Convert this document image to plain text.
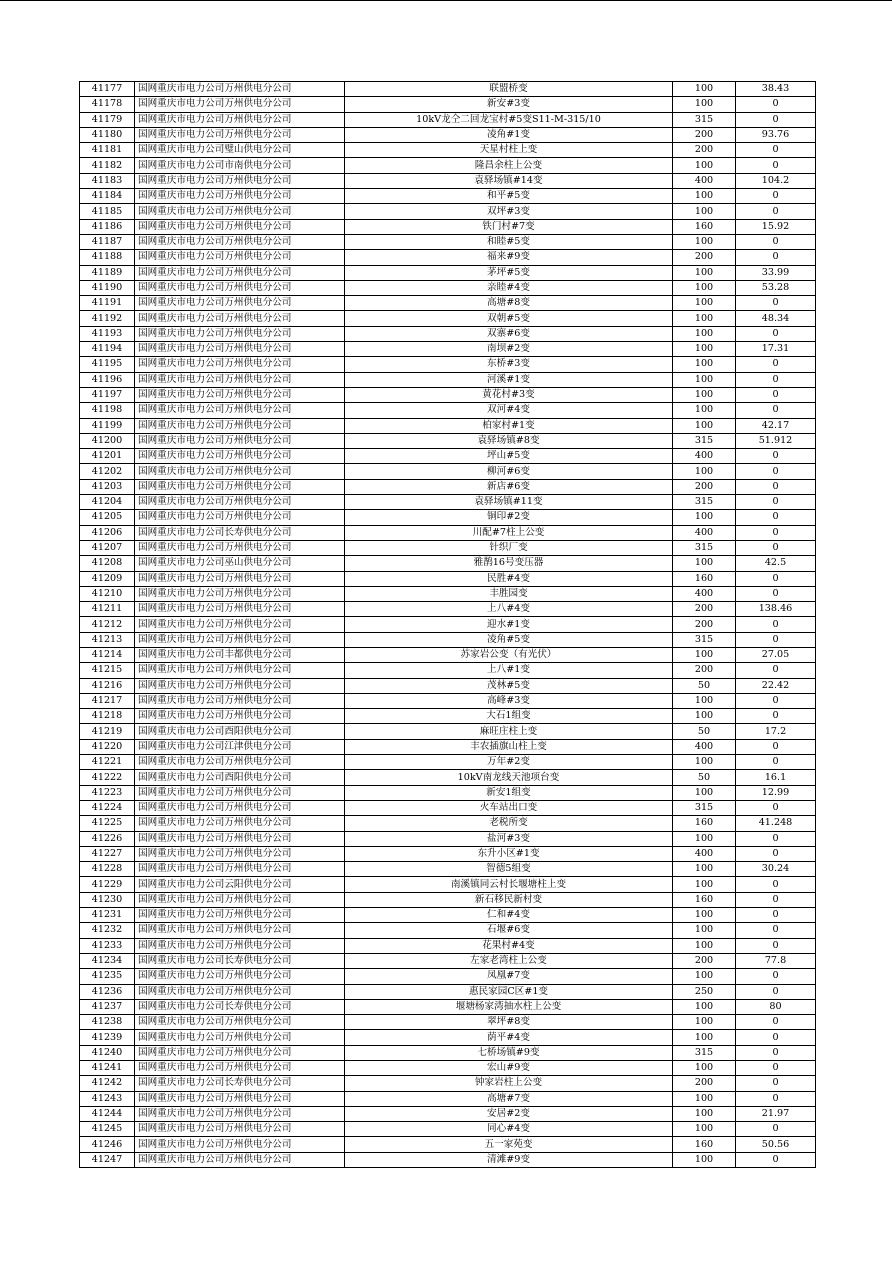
41177	国网重庆市电力公司万州供电分公司	联盟桥变	100	38.43
41178	国网重庆市电力公司万州供电分公司	新安#3变	100	0
41179	国网重庆市电力公司万州供电分公司	10kV龙仝二回龙宝村#5变S11-M-315/10	315	0
41180	国网重庆市电力公司万州供电分公司	凌角#1变	200	93.76
41181	国网重庆市电力公司璧山供电分公司	天星村柱上变	200	0
41182	国网重庆市电力公司市南供电分公司	隆昌余柱上公变	100	0
41183	国网重庆市电力公司万州供电分公司	袁驿场镇#14变	400	104.2
41184	国网重庆市电力公司万州供电分公司	和平#5变	100	0
41185	国网重庆市电力公司万州供电分公司	双坪#3变	100	0
41186	国网重庆市电力公司万州供电分公司	铁门村#7变	160	15.92
41187	国网重庆市电力公司万州供电分公司	和睦#5变	100	0
41188	国网重庆市电力公司万州供电分公司	福来#9变	200	0
41189	国网重庆市电力公司万州供电分公司	茅坪#5变	100	33.99
41190	国网重庆市电力公司万州供电分公司	亲睦#4变	100	53.28
41191	国网重庆市电力公司万州供电分公司	高塘#8变	100	0
41192	国网重庆市电力公司万州供电分公司	双朝#5变	100	48.34
41193	国网重庆市电力公司万州供电分公司	双寨#6变	100	0
41194	国网重庆市电力公司万州供电分公司	南坝#2变	100	17.31
41195	国网重庆市电力公司万州供电分公司	东桥#3变	100	0
41196	国网重庆市电力公司万州供电分公司	河溪#1变	100	0
41197	国网重庆市电力公司万州供电分公司	黄花村#3变	100	0
41198	国网重庆市电力公司万州供电分公司	双河#4变	100	0
41199	国网重庆市电力公司万州供电分公司	柏家村#1变	100	42.17
41200	国网重庆市电力公司万州供电分公司	袁驿场镇#8变	315	51.912
41201	国网重庆市电力公司万州供电分公司	坪山#5变	400	0
41202	国网重庆市电力公司万州供电分公司	柳河#6变	100	0
41203	国网重庆市电力公司万州供电分公司	新店#6变	200	0
41204	国网重庆市电力公司万州供电分公司	袁驿场镇#11变	315	0
41205	国网重庆市电力公司万州供电分公司	铜印#2变	100	0
41206	国网重庆市电力公司长寿供电分公司	川配#7柱上公变	400	0
41207	国网重庆市电力公司万州供电分公司	针织厂变	315	0
41208	国网重庆市电力公司巫山供电分公司	雅鹊16号变压器	100	42.5
41209	国网重庆市电力公司万州供电分公司	民胜#4变	160	0
41210	国网重庆市电力公司万州供电分公司	丰胜园变	400	0
41211	国网重庆市电力公司万州供电分公司	上八#4变	200	138.46
41212	国网重庆市电力公司万州供电分公司	迎水#1变	200	0
41213	国网重庆市电力公司万州供电分公司	凌角#5变	315	0
41214	国网重庆市电力公司丰都供电分公司	苏家岩公变（有光伏）	100	27.05
41215	国网重庆市电力公司万州供电分公司	上八#1变	200	0
41216	国网重庆市电力公司万州供电分公司	茂林#5变	50	22.42
41217	国网重庆市电力公司万州供电分公司	高峰#3变	100	0
41218	国网重庆市电力公司万州供电分公司	大石1组变	100	0
41219	国网重庆市电力公司酉阳供电分公司	麻旺庄柱上变	50	17.2
41220	国网重庆市电力公司江津供电分公司	丰农插旗山柱上变	400	0
41221	国网重庆市电力公司万州供电分公司	万年#2变	100	0
41222	国网重庆市电力公司酉阳供电分公司	10kV南龙线天池项台变	50	16.1
41223	国网重庆市电力公司万州供电分公司	新安1组变	100	12.99
41224	国网重庆市电力公司万州供电分公司	火车站出口变	315	0
41225	国网重庆市电力公司万州供电分公司	老税所变	160	41.248
41226	国网重庆市电力公司万州供电分公司	盐河#3变	100	0
41227	国网重庆市电力公司万州供电分公司	东升小区#1变	400	0
41228	国网重庆市电力公司万州供电分公司	智德5组变	100	30.24
41229	国网重庆市电力公司云阳供电分公司	南溪镇同云村长堰塘柱上变	100	0
41230	国网重庆市电力公司万州供电分公司	新石移民新村变	160	0
41231	国网重庆市电力公司万州供电分公司	仁和#4变	100	0
41232	国网重庆市电力公司万州供电分公司	石堰#6变	100	0
41233	国网重庆市电力公司万州供电分公司	花果村#4变	100	0
41234	国网重庆市电力公司长寿供电分公司	左家老湾柱上公变	200	77.8
41235	国网重庆市电力公司万州供电分公司	凤凰#7变	100	0
41236	国网重庆市电力公司万州供电分公司	惠民家园C区#1变	250	0
41237	国网重庆市电力公司长寿供电分公司	堰塘杨家湾抽水柱上公变	100	80
41238	国网重庆市电力公司万州供电分公司	翠坪#8变	100	0
41239	国网重庆市电力公司万州供电分公司	荫平#4变	100	0
41240	国网重庆市电力公司万州供电分公司	七桥场镇#9变	315	0
41241	国网重庆市电力公司万州供电分公司	宏山#9变	100	0
41242	国网重庆市电力公司长寿供电分公司	钟家岩柱上公变	200	0
41243	国网重庆市电力公司万州供电分公司	高塘#7变	100	0
41244	国网重庆市电力公司万州供电分公司	安居#2变	100	21.97
41245	国网重庆市电力公司万州供电分公司	同心#4变	100	0
41246	国网重庆市电力公司万州供电分公司	五一家苑变	160	50.56
41247	国网重庆市电力公司万州供电分公司	清滩#9变	100	0
